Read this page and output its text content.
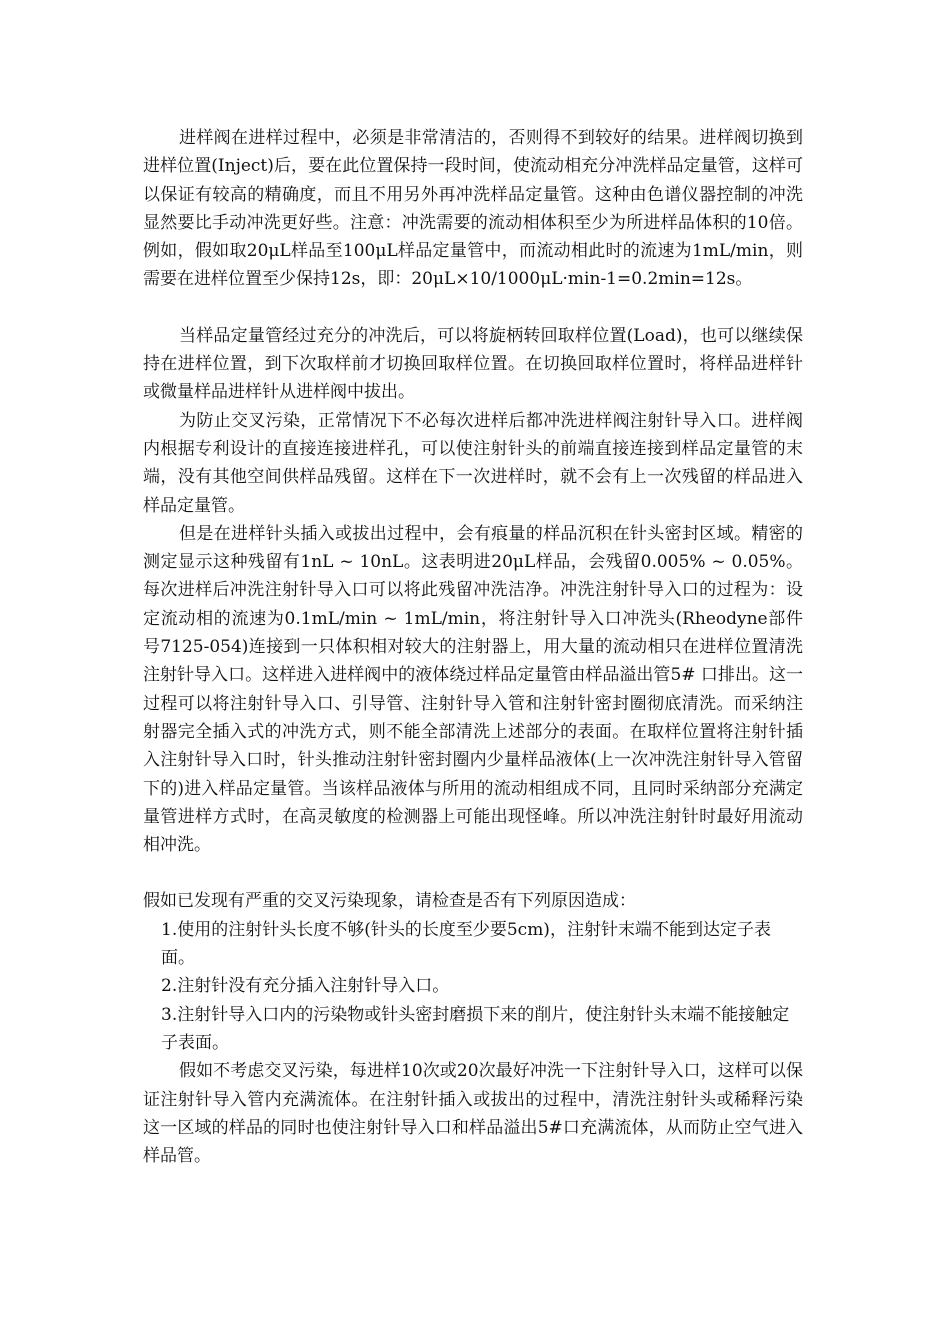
进样阀在进样过程中，必须是非常清洁的，否则得不到较好的结果。进样阀切换到进样位置(Inject)后，要在此位置保持一段时间，使流动相充分冲洗样品定量管，这样可以保证有较高的精确度，而且不用另外再冲洗样品定量管。这种由色谱仪器控制的冲洗显然要比手动冲洗更好些。注意：冲洗需要的流动相体积至少为所进样品体积的10倍。例如，假如取20μL样品至100μL样品定量管中，而流动相此时的流速为1mL/min，则需要在进样位置至少保持12s，即：20μL×10/1000μL·min-1=0.2min=12s。

当样品定量管经过充分的冲洗后，可以将旋柄转回取样位置(Load)，也可以继续保持在进样位置，到下次取样前才切换回取样位置。在切换回取样位置时，将样品进样针或微量样品进样针从进样阀中拔出。

为防止交叉污染，正常情况下不必每次进样后都冲洗进样阀注射针导入口。进样阀内根据专利设计的直接连接进样孔，可以使注射针头的前端直接连接到样品定量管的末端，没有其他空间供样品残留。这样在下一次进样时，就不会有上一次残留的样品进入样品定量管。

但是在进样针头插入或拔出过程中，会有痕量的样品沉积在针头密封区域。精密的测定显示这种残留有1nL ~ 10nL。这表明进20μL样品，会残留0.005% ~ 0.05%。每次进样后冲洗注射针导入口可以将此残留冲洗洁净。冲洗注射针导入口的过程为：设定流动相的流速为0.1mL/min ~ 1mL/min，将注射针导入口冲洗头(Rheodyne部件号7125-054)连接到一只体积相对较大的注射器上，用大量的流动相只在进样位置清洗注射针导入口。这样进入进样阀中的液体绕过样品定量管由样品溢出管5# 口排出。这一过程可以将注射针导入口、引导管、注射针导入管和注射针密封圈彻底清洗。而采纳注射器完全插入式的冲洗方式，则不能全部清洗上述部分的表面。在取样位置将注射针插入注射针导入口时，针头推动注射针密封圈内少量样品液体(上一次冲洗注射针导入管留下的)进入样品定量管。当该样品液体与所用的流动相组成不同，且同时采纳部分充满定量管进样方式时，在高灵敏度的检测器上可能出现怪峰。所以冲洗注射针时最好用流动相冲洗。

假如已发现有严重的交叉污染现象，请检查是否有下列原因造成：

1.使用的注射针头长度不够(针头的长度至少要5cm)，注射针末端不能到达定子表面。

2.注射针没有充分插入注射针导入口。

3.注射针导入口内的污染物或针头密封磨损下来的削片，使注射针头末端不能接触定子表面。

假如不考虑交叉污染，每进样10次或20次最好冲洗一下注射针导入口，这样可以保证注射针导入管内充满流体。在注射针插入或拔出的过程中，清洗注射针头或稀释污染这一区域的样品的同时也使注射针导入口和样品溢出5#口充满流体，从而防止空气进入样品管。
